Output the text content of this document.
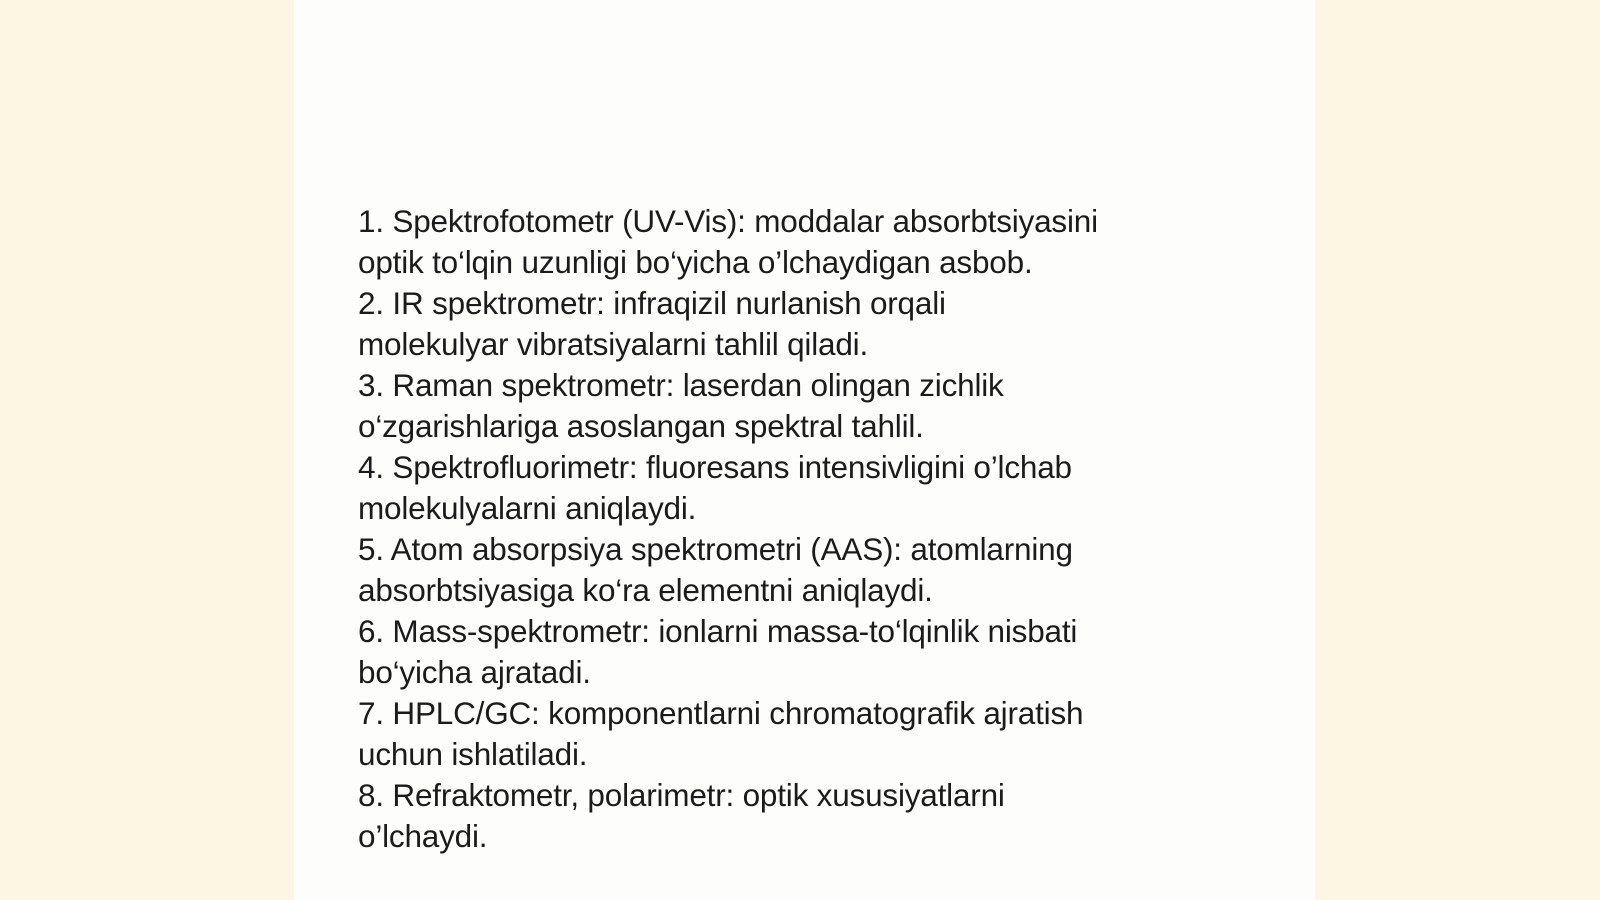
1. Spektrofotometr (UV-Vis): moddalar absorbtsiyasini
optik to‘lqin uzunligi bo‘yicha o’lchaydigan asbob.
2. IR spektrometr: infraqizil nurlanish orqali
molekulyar vibratsiyalarni tahlil qiladi.
3. Raman spektrometr: laserdan olingan zichlik
o‘zgarishlariga asoslangan spektral tahlil.
4. Spektrofluorimetr: fluoresans intensivligini o’lchab
molekulyalarni aniqlaydi.
5. Atom absorpsiya spektrometri (AAS): atomlarning
absorbtsiyasiga ko‘ra elementni aniqlaydi.
6. Mass-spektrometr: ionlarni massa-to‘lqinlik nisbati
bo‘yicha ajratadi.
7. HPLC/GC: komponentlarni chromatografik ajratish
uchun ishlatiladi.
8. Refraktometr, polarimetr: optik xususiyatlarni
o’lchaydi.
